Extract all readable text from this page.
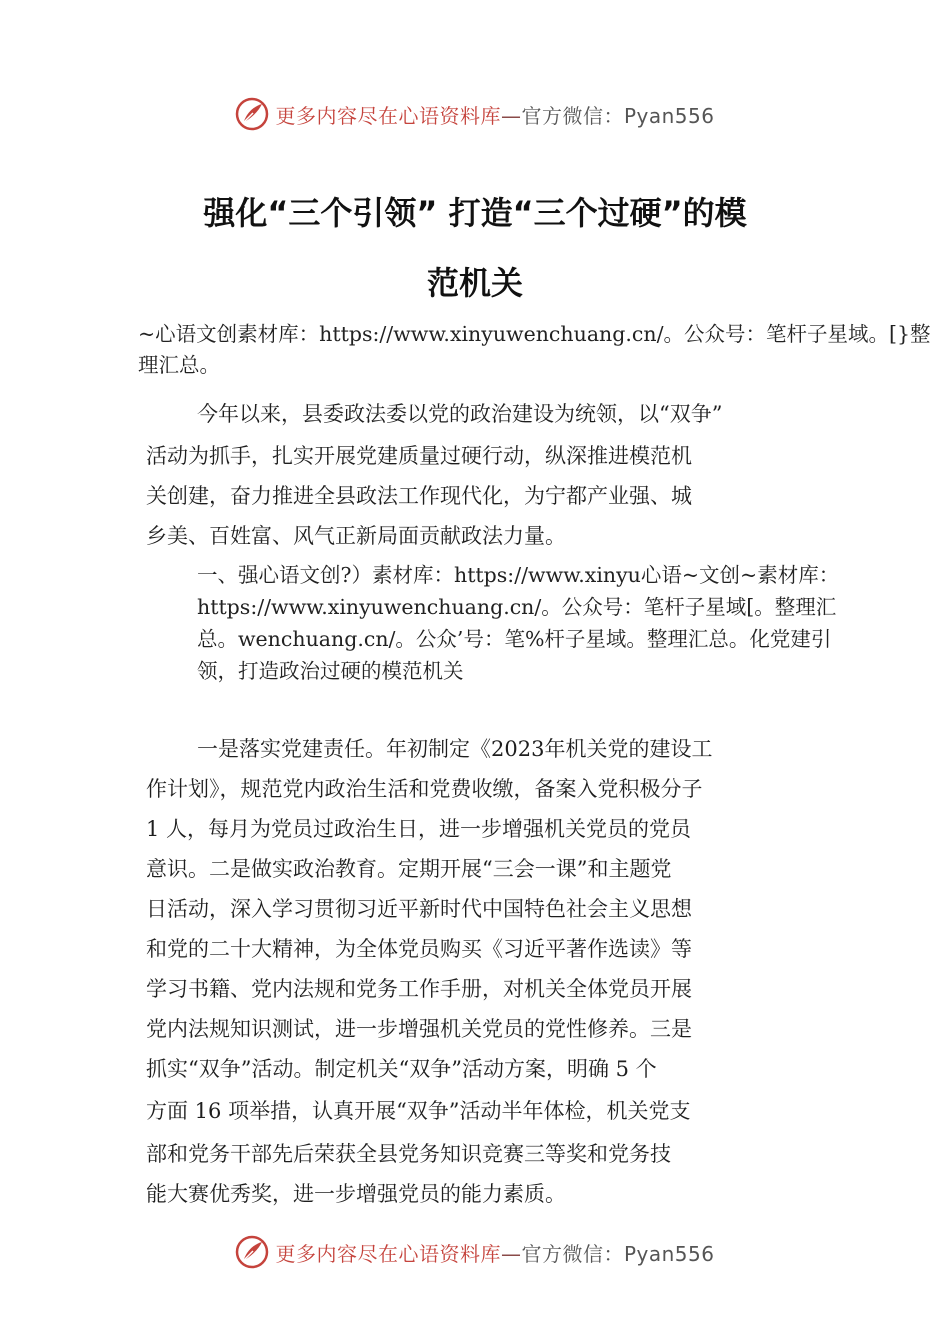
更多内容尽在心语资料库—官方微信：Pyan556
强化“三个引领” 打造“三个过硬”的模
范机关
~心语文创素材库：https://www.xinyuwenchuang.cn/。公众号：笔杆子星域。[}整理汇总。
今年以来，县委政法委以党的政治建设为统领，以“双争”
活动为抓手，扎实开展党建质量过硬行动，纵深推进模范机
关创建，奋力推进全县政法工作现代化，为宁都产业强、城
乡美、百姓富、风气正新局面贡献政法力量。
一、强心语文创?）素材库：https://www.xinyu心语~文创~素材库：https://www.xinyuwenchuang.cn/。公众号：笔杆子星域[。整理汇总。wenchuang.cn/。公众’号：笔%杆子星域。整理汇总。化党建引领，打造政治过硬的模范机关
一是落实党建责任。年初制定《2023年机关党的建设工
作计划》，规范党内政治生活和党费收缴，备案入党积极分子
1 人，每月为党员过政治生日，进一步增强机关党员的党员
意识。二是做实政治教育。定期开展“三会一课”和主题党
日活动，深入学习贯彻习近平新时代中国特色社会主义思想
和党的二十大精神，为全体党员购买《习近平著作选读》等
学习书籍、党内法规和党务工作手册，对机关全体党员开展
党内法规知识测试，进一步增强机关党员的党性修养。三是
抓实“双争”活动。制定机关“双争”活动方案，明确 5 个
方面 16 项举措，认真开展“双争”活动半年体检，机关党支
部和党务干部先后荣获全县党务知识竞赛三等奖和党务技
能大赛优秀奖，进一步增强党员的能力素质。
更多内容尽在心语资料库—官方微信：Pyan556
